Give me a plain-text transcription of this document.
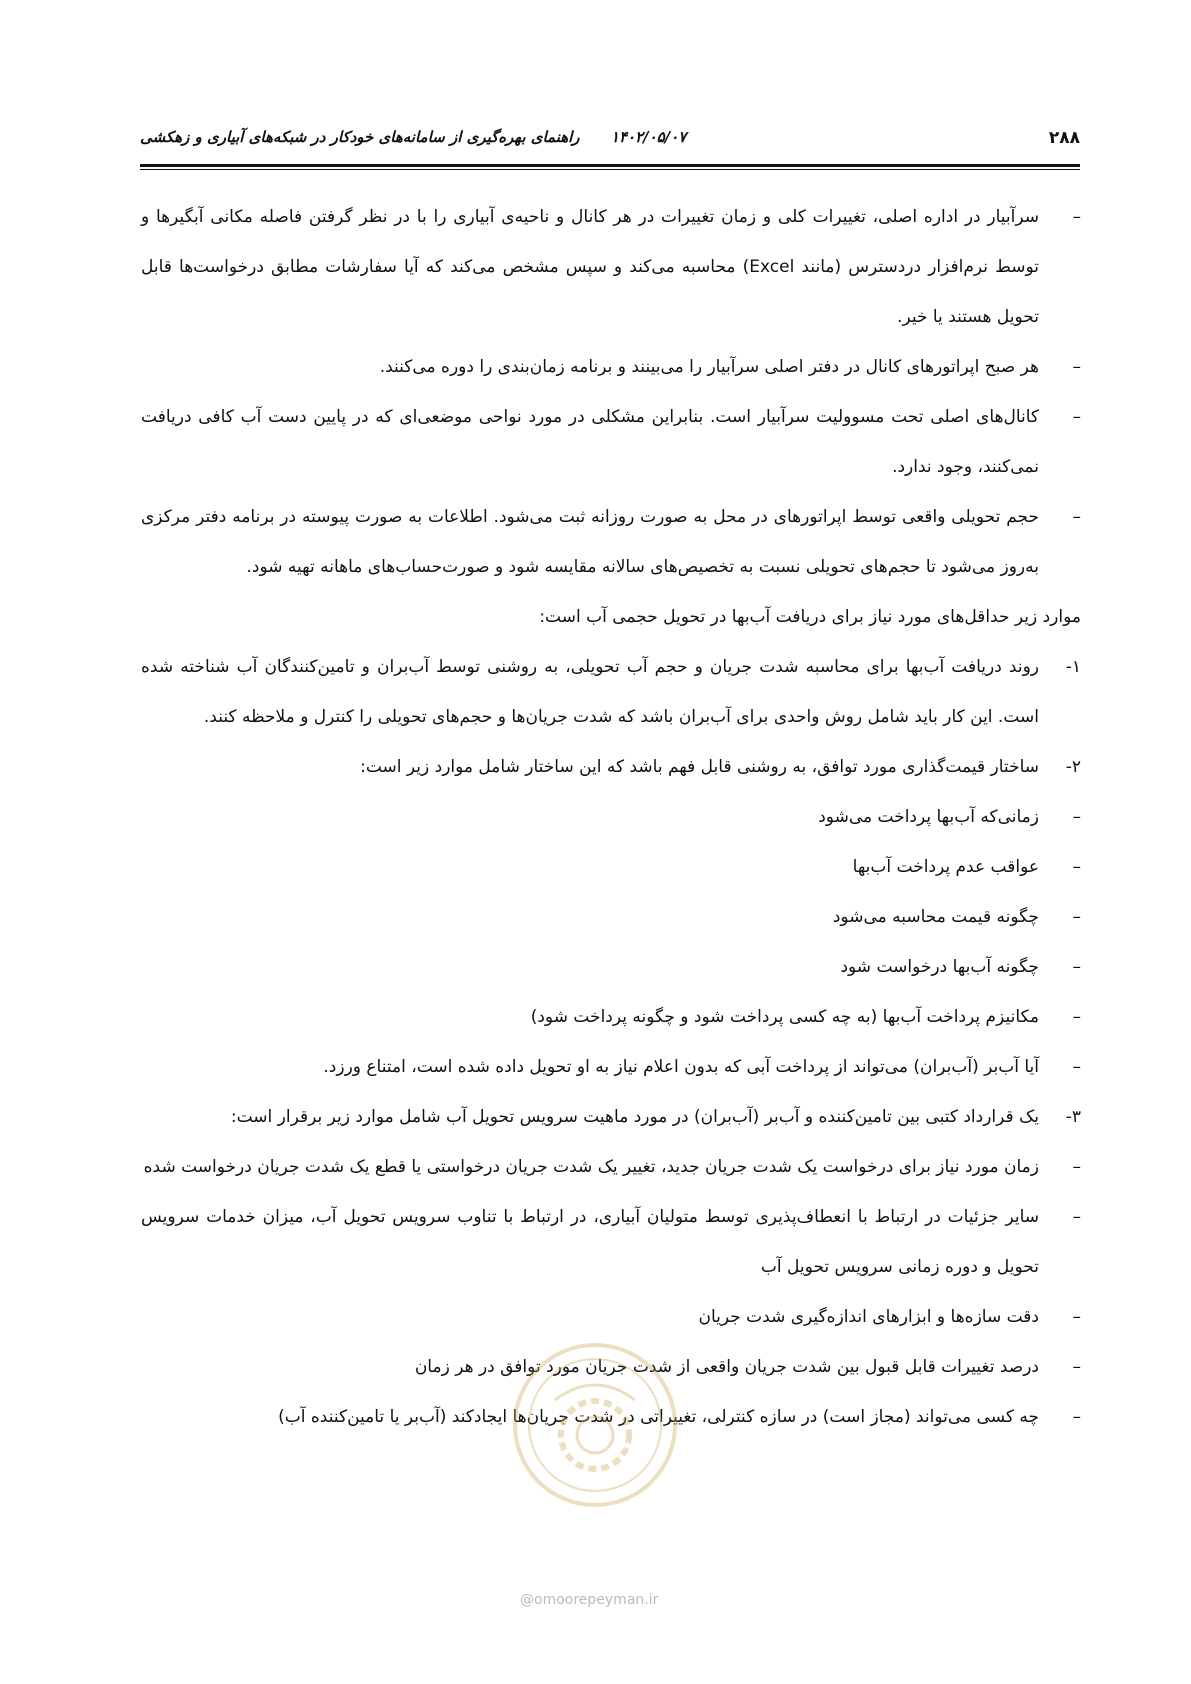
۲۸۸
۱۴۰۲/۰۵/۰۷      راهنمای بهره‌گیری از سامانه‌های خودکار در شبکه‌های آبیاری و زهکشی
–
سرآبیار در اداره اصلی، تغییرات کلی و زمان تغییرات در هر کانال و ناحیه‌ی آبیاری را با در نظر گرفتن فاصله مکانی آبگیرها و توسط نرم‌افزار دردسترس (مانند Excel) محاسبه می‌کند و سپس مشخص می‌کند که آیا سفارشات مطابق درخواست‌ها قابل تحویل هستند یا خیر.
–
هر صبح اپراتورهای کانال در دفتر اصلی سرآبیار را می‌بینند و برنامه زمان‌بندی را دوره می‌کنند.
–
کانال‌های اصلی تحت مسوولیت سرآبیار است. بنابراین مشکلی در مورد نواحی موضعی‌ای که در پایین دست آب کافی دریافت نمی‌کنند، وجود ندارد.
–
حجم تحویلی واقعی توسط اپراتورهای در محل به صورت روزانه ثبت می‌شود. اطلاعات به صورت پیوسته در برنامه دفتر مرکزی به‌روز می‌شود تا حجم‌های تحویلی نسبت به تخصیص‌های سالانه مقایسه شود و صورت‌حساب‌های ماهانه تهیه شود.

موارد زیر حداقل‌های مورد نیاز برای دریافت آب‌بها در تحویل حجمی آب است:

۱-
روند دریافت آب‌بها برای محاسبه شدت جریان و حجم آب تحویلی، به روشنی توسط آب‌بران و تامین‌کنندگان آب شناخته شده است. این کار باید شامل روش واحدی برای آب‌بران باشد که شدت جریان‌ها و حجم‌های تحویلی را کنترل و ملاحظه کنند.
۲-
ساختار قیمت‌گذاری مورد توافق، به روشنی قابل فهم باشد که این ساختار شامل موارد زیر است:
–
زمانی‌که آب‌بها پرداخت می‌شود
–
عواقب عدم پرداخت آب‌بها
–
چگونه قیمت محاسبه می‌شود
–
چگونه آب‌بها درخواست شود
–
مکانیزم پرداخت آب‌بها (به چه کسی پرداخت شود و چگونه پرداخت شود)
–
آیا آب‌بر (آب‌بران) می‌تواند از پرداخت آبی که بدون اعلام نیاز به او تحویل داده شده است، امتناع ورزد.
۳-
یک قرارداد کتبی بین تامین‌کننده و آب‌بر (آب‌بران) در مورد ماهیت سرویس تحویل آب شامل موارد زیر برقرار است:
–
زمان مورد نیاز برای درخواست یک شدت جریان جدید، تغییر یک شدت جریان درخواستی یا قطع یک شدت جریان درخواست شده
–
سایر جزئیات در ارتباط با انعطاف‌پذیری توسط متولیان آبیاری، در ارتباط با تناوب سرویس تحویل آب، میزان خدمات سرویس تحویل و دوره زمانی سرویس تحویل آب
–
دقت سازه‌ها و ابزارهای اندازه‌گیری شدت جریان
–
درصد تغییرات قابل قبول بین شدت جریان واقعی از شدت جریان مورد توافق در هر زمان
–
چه کسی می‌تواند (مجاز است) در سازه کنترلی، تغییراتی در شدت جریان‌ها ایجادکند (آب‌بر یا تامین‌کننده آب)
@omoorepeyman.ir
